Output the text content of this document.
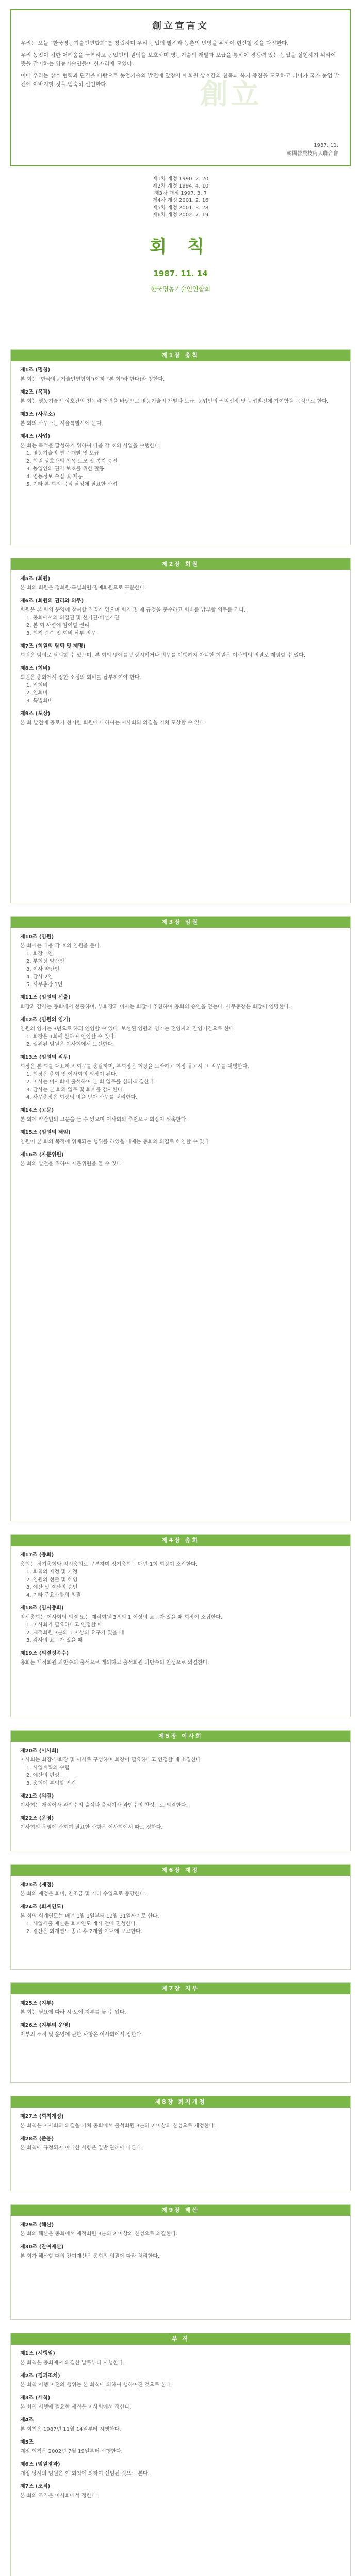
創立宣言文

우리는 오늘 "한국영농기술인연합회"를 창립하며 우리 농업의 발전과 농촌의 번영을 위하여 헌신할 것을 다짐한다.

우리 농업이 처한 어려움을 극복하고 농업인의 권익을 보호하며 영농기술의 개발과 보급을 통하여 경쟁력 있는 농업을 실현하기 위하여 뜻을 같이하는 영농기술인들이 한자리에 모였다.

이에 우리는 상호 협력과 단결을 바탕으로 농업기술의 발전에 앞장서며 회원 상호간의 친목과 복지 증진을 도모하고 나아가 국가 농업 발전에 이바지할 것을 엄숙히 선언한다.	創立
1987. 11.
韓國營農技術人聯合會
제1차 개정 1990. 2. 20
제2차 개정 1994. 4. 10
제3차 개정 1997. 3. 7
제4차 개정 2001. 2. 16
제5차 개정 2001. 3. 28
제6차 개정 2002. 7. 19
회 칙
1987. 11. 14
한국영농기술인연합회
제1장 총칙
제1조 (명칭)

본 회는 "한국영농기술인연합회"(이하 "본 회"라 한다)라 칭한다.

제2조 (목적)

본 회는 영농기술인 상호간의 친목과 협력을 바탕으로 영농기술의 개발과 보급, 농업인의 권익신장 및 농업발전에 기여함을 목적으로 한다.

제3조 (사무소)

본 회의 사무소는 서울특별시에 둔다.

제4조 (사업)

본 회는 목적을 달성하기 위하여 다음 각 호의 사업을 수행한다.

1. 영농기술의 연구·개발 및 보급
2. 회원 상호간의 친목 도모 및 복지 증진
3. 농업인의 권익 보호를 위한 활동
4. 영농정보 수집 및 제공
5. 기타 본 회의 목적 달성에 필요한 사업
제2장 회원
제5조 (회원)

본 회의 회원은 정회원·특별회원·명예회원으로 구분한다.

제6조 (회원의 권리와 의무)

회원은 본 회의 운영에 참여할 권리가 있으며 회칙 및 제 규정을 준수하고 회비를 납부할 의무를 진다.

1. 총회에서의 의결권 및 선거권·피선거권
2. 본 회 사업에 참여할 권리
3. 회칙 준수 및 회비 납부 의무
제7조 (회원의 탈퇴 및 제명)

회원은 임의로 탈퇴할 수 있으며, 본 회의 명예를 손상시키거나 의무를 이행하지 아니한 회원은 이사회의 의결로 제명할 수 있다.

제8조 (회비)

회원은 총회에서 정한 소정의 회비를 납부하여야 한다.

1. 입회비
2. 연회비
3. 특별회비
제9조 (포상)

본 회 발전에 공로가 현저한 회원에 대하여는 이사회의 의결을 거쳐 포상할 수 있다.

제3장 임원
제10조 (임원)

본 회에는 다음 각 호의 임원을 둔다.

1. 회장 1인
2. 부회장 약간인
3. 이사 약간인
4. 감사 2인
5. 사무총장 1인
제11조 (임원의 선출)

회장과 감사는 총회에서 선출하며, 부회장과 이사는 회장이 추천하여 총회의 승인을 얻는다. 사무총장은 회장이 임명한다.

제12조 (임원의 임기)

임원의 임기는 3년으로 하되 연임할 수 있다. 보선된 임원의 임기는 전임자의 잔임기간으로 한다.

1. 회장은 1회에 한하여 연임할 수 있다.
2. 궐위된 임원은 이사회에서 보선한다.
제13조 (임원의 직무)

회장은 본 회를 대표하고 회무를 총괄하며, 부회장은 회장을 보좌하고 회장 유고시 그 직무를 대행한다.

1. 회장은 총회 및 이사회의 의장이 된다.
2. 이사는 이사회에 출석하여 본 회 업무를 심의·의결한다.
3. 감사는 본 회의 업무 및 회계를 감사한다.
4. 사무총장은 회장의 명을 받아 사무를 처리한다.
제14조 (고문)

본 회에 약간인의 고문을 둘 수 있으며 이사회의 추천으로 회장이 위촉한다.

제15조 (임원의 해임)

임원이 본 회의 목적에 위배되는 행위를 하였을 때에는 총회의 의결로 해임할 수 있다.

제16조 (자문위원)

본 회의 발전을 위하여 자문위원을 둘 수 있다.

제4장 총회
제17조 (총회)

총회는 정기총회와 임시총회로 구분하며 정기총회는 매년 1회 회장이 소집한다.

1. 회칙의 제정 및 개정
2. 임원의 선출 및 해임
3. 예산 및 결산의 승인
4. 기타 주요사항의 의결
제18조 (임시총회)

임시총회는 이사회의 의결 또는 재적회원 3분의 1 이상의 요구가 있을 때 회장이 소집한다.

1. 이사회가 필요하다고 인정할 때
2. 재적회원 3분의 1 이상의 요구가 있을 때
3. 감사의 요구가 있을 때
제19조 (의결정족수)

총회는 재적회원 과반수의 출석으로 개의하고 출석회원 과반수의 찬성으로 의결한다.

제5장 이사회
제20조 (이사회)

이사회는 회장·부회장 및 이사로 구성하며 회장이 필요하다고 인정할 때 소집한다.

1. 사업계획의 수립
2. 예산의 편성
3. 총회에 부의할 안건
제21조 (의결)

이사회는 재적이사 과반수의 출석과 출석이사 과반수의 찬성으로 의결한다.

제22조 (운영)

이사회의 운영에 관하여 필요한 사항은 이사회에서 따로 정한다.

제6장 재정
제23조 (재정)

본 회의 재정은 회비, 찬조금 및 기타 수입으로 충당한다.

제24조 (회계연도)

본 회의 회계연도는 매년 1월 1일부터 12월 31일까지로 한다.

1. 세입세출 예산은 회계연도 개시 전에 편성한다.
2. 결산은 회계연도 종료 후 2개월 이내에 보고한다.
제7장 지부
제25조 (지부)

본 회는 필요에 따라 시·도에 지부를 둘 수 있다.

제26조 (지부의 운영)

지부의 조직 및 운영에 관한 사항은 이사회에서 정한다.

제8장 회칙개정
제27조 (회칙개정)

본 회칙은 이사회의 의결을 거쳐 총회에서 출석회원 3분의 2 이상의 찬성으로 개정한다.

제28조 (준용)

본 회칙에 규정되지 아니한 사항은 일반 관례에 따른다.

제9장 해산
제29조 (해산)

본 회의 해산은 총회에서 재적회원 3분의 2 이상의 찬성으로 의결한다.

제30조 (잔여재산)

본 회가 해산할 때의 잔여재산은 총회의 의결에 따라 처리한다.

부 칙
제1조 (시행일)

본 회칙은 총회에서 의결한 날로부터 시행한다.

제2조 (경과조치)

본 회칙 시행 이전의 행위는 본 회칙에 의하여 행하여진 것으로 본다.

제3조 (세칙)

본 회칙 시행에 필요한 세칙은 이사회에서 정한다.

제4조

본 회칙은 1987년 11월 14일부터 시행한다.

제5조

개정 회칙은 2002년 7월 19일부터 시행한다.

제6조 (임원경과)

개정 당시의 임원은 이 회칙에 의하여 선임된 것으로 본다.

제7조 (조직)

본 회의 조직은 이사회에서 정한다.
